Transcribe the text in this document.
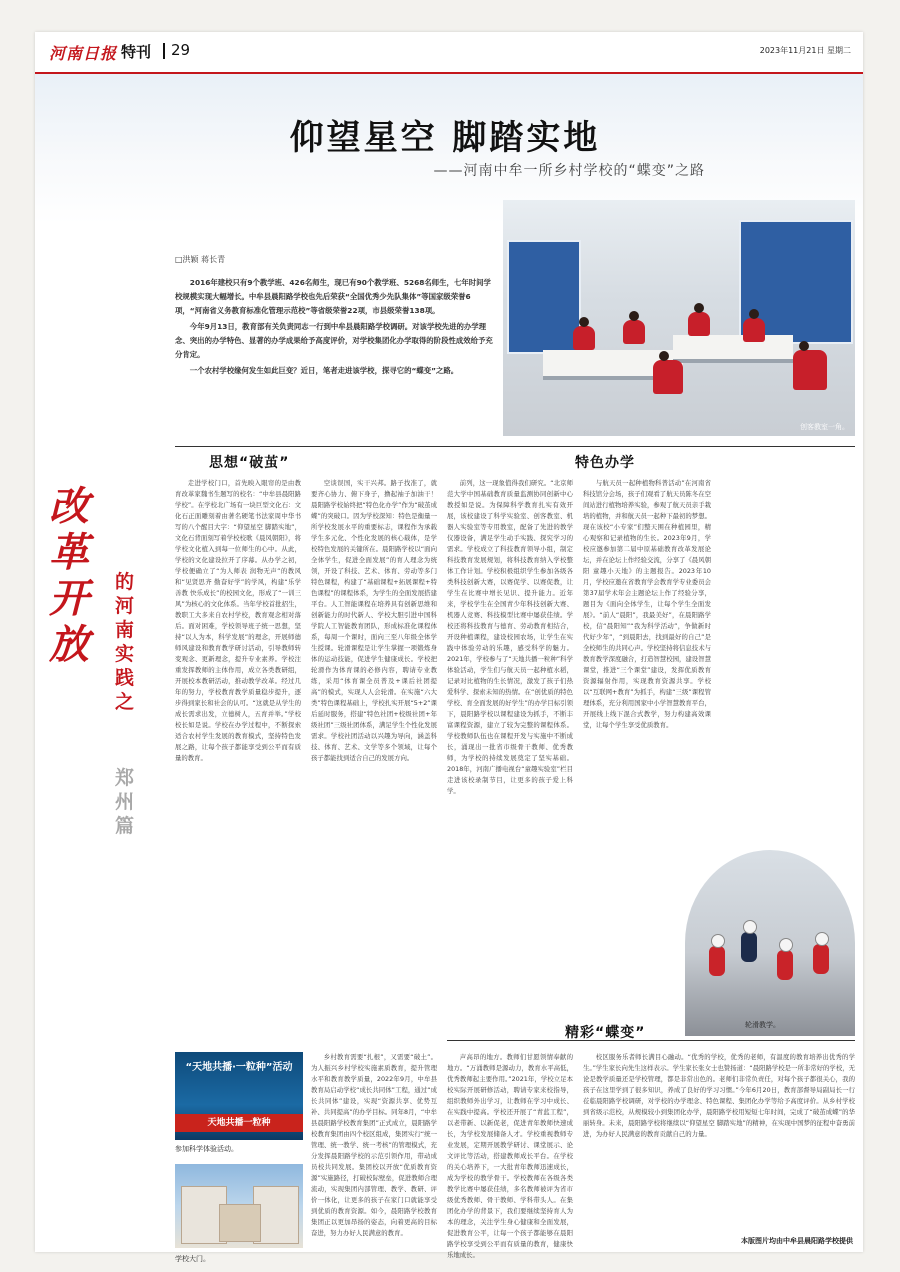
河南日报 特刊 29	2023年11月21日 星期二
仰望星空 脚踏实地
——河南中牟一所乡村学校的“蝶变”之路
□洪颖 蒋长青

2016年建校只有9个教学班、426名师生，现已有90个教学班、5268名师生，七年时间学校规模实现大幅增长。中牟县晨阳路学校也先后荣获“全国优秀少先队集体”等国家级荣誉6项，“河南省义务教育标准化管理示范校”等省级荣誉22项，市县级荣誉138项。

今年9月13日，教育部有关负责同志一行到中牟县晨阳路学校调研。对该学校先进的办学理念、突出的办学特色、显著的办学成果给予高度评价，对学校集团化办学取得的阶段性成效给予充分肯定。

一个农村学校缘何发生如此巨变？近日，笔者走进该学校，探寻它的“蝶变”之路。

创客教室一角。
改革开放
的河南实践之
郑州篇
思想“破茧”	特色办学
走进学校门口，首先映入眼帘的是由教育改革家魏书生题写的校名：“中牟县晨阳路学校”。在学校北广场有一块巨型文化石：文化石正面雕刻着由著名硬笔书法家周中华书写的八个醒目大字：“仰望星空 脚踏实地”，文化石背面刻写着学校校歌《晨风朝阳》，将学校文化植入到每一位师生的心中。从此，学校的文化建设拉开了序幕。从办学之初，学校便确立了“为人师表 润物无声”的教风和“见贤思齐 勤奋好学”的学风，构建“乐学善教 快乐成长”的校园文化，形成了“一训三风”为核心的文化体系。当年学校首批招生，教职工大多来自农村学校，教育观念相对落后。面对困难，学校领导班子统一思想，坚持“以人为本，科学发展”的理念，开展师德师风建设和教育教学研讨活动，引导教师转变观念、更新理念，提升专业素养。学校注重发挥教师的主体作用，成立各类教研组，开展校本教研活动，推动教学改革。经过几年的努力，学校教育教学质量稳步提升，逐步得到家长和社会的认可。“这就是从学生的成长需求出发，立德树人，五育并举。”学校校长如是说。学校在办学过程中，不断探索适合农村学生发展的教育模式，坚持特色发展之路，让每个孩子都能享受到公平而有质量的教育。
空谈误国，实干兴邦。路子找准了，就要齐心协力、俯下身子，撸起袖子加油干！晨阳路学校始终把“特色化办学”作为“破茧成蝶”的突破口。因为学校深知：特色是衡量一所学校发展水平的重要标志，课程作为承载学生多元化、个性化发展的核心载体，是学校特色发展的关键所在。晨阳路学校以“面向全体学生，促进全面发展”的育人理念为统领，开设了科技、艺术、体育、劳动等多门特色课程，构建了“基础课程+拓展课程+特色课程”的课程体系，为学生的全面发展搭建平台。人工智能课程在培养具有创新思维和创新能力的时代新人、学校大胆引进中国科学院人工智能教育团队，形成标准化课程体系，每周一个课时，面向三至八年级全体学生授课。轮滑课程是让学生掌握一项锻炼身体的运动技能，促进学生健康成长。学校把轮滑作为体育课的必修内容，聘请专业教练，采用“体育课全员普及+课后社团提高”的模式，实现人人会轮滑。在实施“六大类”特色课程基础上，学校扎实开展“5+2”课后延时服务，搭建“特色社团+校级社团+年级社团”三级社团体系，满足学生个性化发展需求。学校社团活动以兴趣为导向，涵盖科技、体育、艺术、文学等多个领域，让每个孩子都能找到适合自己的发展方向。
前列，这一现象值得我们研究。“北京师范大学中国基础教育质量监测协同创新中心教授如是说。为保障科学教育扎实有效开展，该校建设了科学实验室、创客教室、机器人实验室等专用教室，配备了先进的教学仪器设备，满足学生动手实践、探究学习的需求。学校成立了科技教育领导小组，制定科技教育发展规划，将科技教育纳入学校整体工作计划。学校积极组织学生参加各级各类科技创新大赛，以赛促学、以赛促教，让学生在比赛中增长见识、提升能力。近年来，学校学生在全国青少年科技创新大赛、机器人竞赛、科技模型比赛中屡获佳绩。学校还将科技教育与德育、劳动教育相结合，开设种植课程，建设校园农场，让学生在实践中体验劳动的乐趣，感受科学的魅力。2021年，学校参与了“天地共播一粒种”科学体验活动，学生们与航天员一起种植水稻，记录对比植物的生长情况，激发了孩子们热爱科学、探索未知的热情。在“创优质的特色学校、育全面发展的好学生”的办学目标引领下，晨阳路学校以课程建设为抓手，不断丰富课程资源，建立了较为完整的课程体系。学校教师队伍也在课程开发与实施中不断成长，涌现出一批省市级骨干教师、优秀教师，为学校的持续发展奠定了坚实基础。2018年，河南广播电视台“童趣实验室”栏目走进该校录制节目，让更多的孩子爱上科学。
与航天员一起种植物科普活动”在河南省科技馆分会场，孩子们观看了航天员陈冬在空间站进行植物培养实验，参观了航天员亲手栽培的植物，并和航天员一起种下最初的梦想。现在该校“小专家”们整天围在种植园里，精心观察和记录植物的生长。2023年9月，学校应邀参加第二届中原基础教育改革发展论坛，并在论坛上作经验交流，分享了《晨风朝阳 童趣小天地》的主题报告。2023年10月，学校应邀在省教育学会教育学专业委员会第37届学术年会主题论坛上作了经验分享，题目为《面向全体学生，让每个学生全面发展》。“前人“晨阳”，我最美好”，在晨阳路学校，信“晨阳知”“我为科学活动”，争做新时代好少年”，“到晨阳去，找到最好的自己”是全校师生的共同心声。学校坚持将信息技术与教育教学深度融合，打造智慧校园，建设智慧课堂，推进“三个课堂”建设，发挥优质教育资源辐射作用，实现教育资源共享。学校以“互联网+教育”为抓手，构建“三级”课程管理体系，充分利用国家中小学智慧教育平台，开展线上线下混合式教学，努力构建高效课堂，让每个学生享受优质教育。
轮滑教学。
精彩“蝶变”
“天地共播·一粒种”活动
天地共播一粒种
参加科学体验活动。
学校大门。
乡村教育需要“扎根”，又需要“破土”。为人振兴乡村学校实施素质教育，提升管理水平和教育教学质量，2022年9月，中牟县教育局启动学校“成长共同体”工程，通过“成长共同体”建设，实现“资源共享、优势互补、共同提高”的办学目标。同年8月，“中牟县晨阳路学校教育集团”正式成立，晨阳路学校教育集团由四个校区组成，集团实行“统一管理、统一教学、统一考核”的管理模式，充分发挥晨阳路学校的示范引领作用，带动成员校共同发展。集团校以开放“优质教育资源”实施路径，打破校际壁垒，促进教师合理流动，实现集团内部管理、教学、教研、评价一体化，让更多的孩子在家门口就能享受到优质的教育资源。如今，晨阳路学校教育集团正以更加昂扬的姿态，向着更高的目标奋进，努力办好人民满意的教育。
声高昂的地方。教师们甘愿领情奉献的地方。“万涌教师是源动力，教育水平高低，优秀教师起主要作用。”2021年，学校立足本校实际开展研修活动，聘请专家来校指导，组织教师外出学习，让教师在学习中成长、在实践中提高。学校还开展了“青蓝工程”，以老带新、以新促老，促进青年教师快速成长，为学校发展储备人才。学校重视教师专业发展，定期开展教学研讨、课堂展示、论文评比等活动，搭建教师成长平台。在学校的关心培养下，一大批青年教师迅速成长，成为学校的教学骨干。学校教师在各级各类教学比赛中屡获佳绩，多名教师被评为省市级优秀教师、骨干教师、学科带头人。在集团化办学的背景下，我们要继续坚持育人为本的理念，关注学生身心健康和全面发展，促进教育公平，让每一个孩子都能够在晨阳路学校享受到公平而有质量的教育，健康快乐地成长。
校区服务乐者师长满目心融动。“优秀的学校，优秀的老师，有温度的教育培养出优秀的学生。”学生家长向先生这样表示。学生家长张女士也赞扬道：“晨阳路学校是一所非常好的学校，无论是教学质量还是学校管理，都是非常出色的。老师们非常负责任，对每个孩子都很关心，我的孩子在这里学到了很多知识，养成了良好的学习习惯。”今年6月20日，教育部督导局副局长一行莅临晨阳路学校调研，对学校的办学理念、特色课程、集团化办学等给予高度评价。从乡村学校到省级示范校，从规模较小到集团化办学，晨阳路学校用短短七年时间，完成了“破茧成蝶”的华丽转身。未来，晨阳路学校将继续以“仰望星空 脚踏实地”的精神，在实现中国梦的征程中奋勇前进，为办好人民满意的教育贡献自己的力量。
本版图片均由中牟县晨阳路学校提供
